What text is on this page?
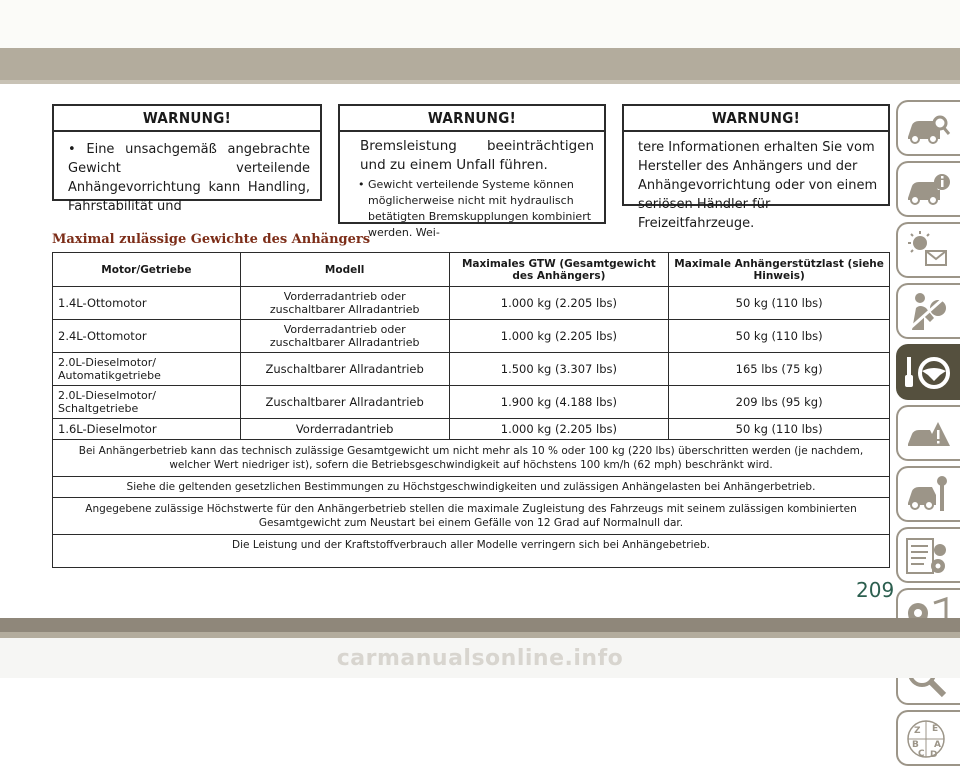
WARNUNG!
• Eine unsachgemäß angebrachte Gewicht verteilende Anhängevorrichtung kann Handling, Fahrstabilität und
WARNUNG!
Bremsleistung beeinträchtigen und zu einem Unfall führen.
• Gewicht verteilende Systeme können möglicherweise nicht mit hydraulisch betätigten Bremskupplungen kombiniert werden. Wei-
WARNUNG!
tere Informationen erhalten Sie vom Hersteller des Anhängers und der Anhängevorrichtung oder von einem seriösen Händler für Freizeitfahrzeuge.
Maximal zulässige Gewichte des Anhängers
Motor/Getriebe	Modell	Maximales GTW (Gesamtgewicht des Anhängers)	Maximale Anhängerstützlast (siehe Hinweis)
1.4L-Ottomotor	Vorderradantrieb oder zuschaltbarer Allradantrieb	1.000 kg (2.205 lbs)	50 kg (110 lbs)
2.4L-Ottomotor	Vorderradantrieb oder zuschaltbarer Allradantrieb	1.000 kg (2.205 lbs)	50 kg (110 lbs)
2.0L-Dieselmotor/ Automatikgetriebe	Zuschaltbarer Allradantrieb	1.500 kg (3.307 lbs)	165 lbs (75 kg)
2.0L-Dieselmotor/ Schaltgetriebe	Zuschaltbarer Allradantrieb	1.900 kg (4.188 lbs)	209 lbs (95 kg)
1.6L-Dieselmotor	Vorderradantrieb	1.000 kg (2.205 lbs)	50 kg (110 lbs)
Bei Anhängerbetrieb kann das technisch zulässige Gesamtgewicht um nicht mehr als 10 % oder 100 kg (220 lbs) überschritten werden (je nachdem, welcher Wert niedriger ist), sofern die Betriebsgeschwindigkeit auf höchstens 100 km/h (62 mph) beschränkt wird.			
Siehe die geltenden gesetzlichen Bestimmungen zu Höchstgeschwindigkeiten und zulässigen Anhängelasten bei Anhängerbetrieb.			
Angegebene zulässige Höchstwerte für den Anhängerbetrieb stellen die maximale Zugleistung des Fahrzeugs mit seinem zulässigen kombinierten Gesamtgewicht zum Neustart bei einem Gefälle von 12 Grad auf Normalnull dar.			
Die Leistung und der Kraftstoffverbrauch aller Modelle verringern sich bei Anhängebetrieb.			
Z E
B A
C D
209
carmanualsonline.info
